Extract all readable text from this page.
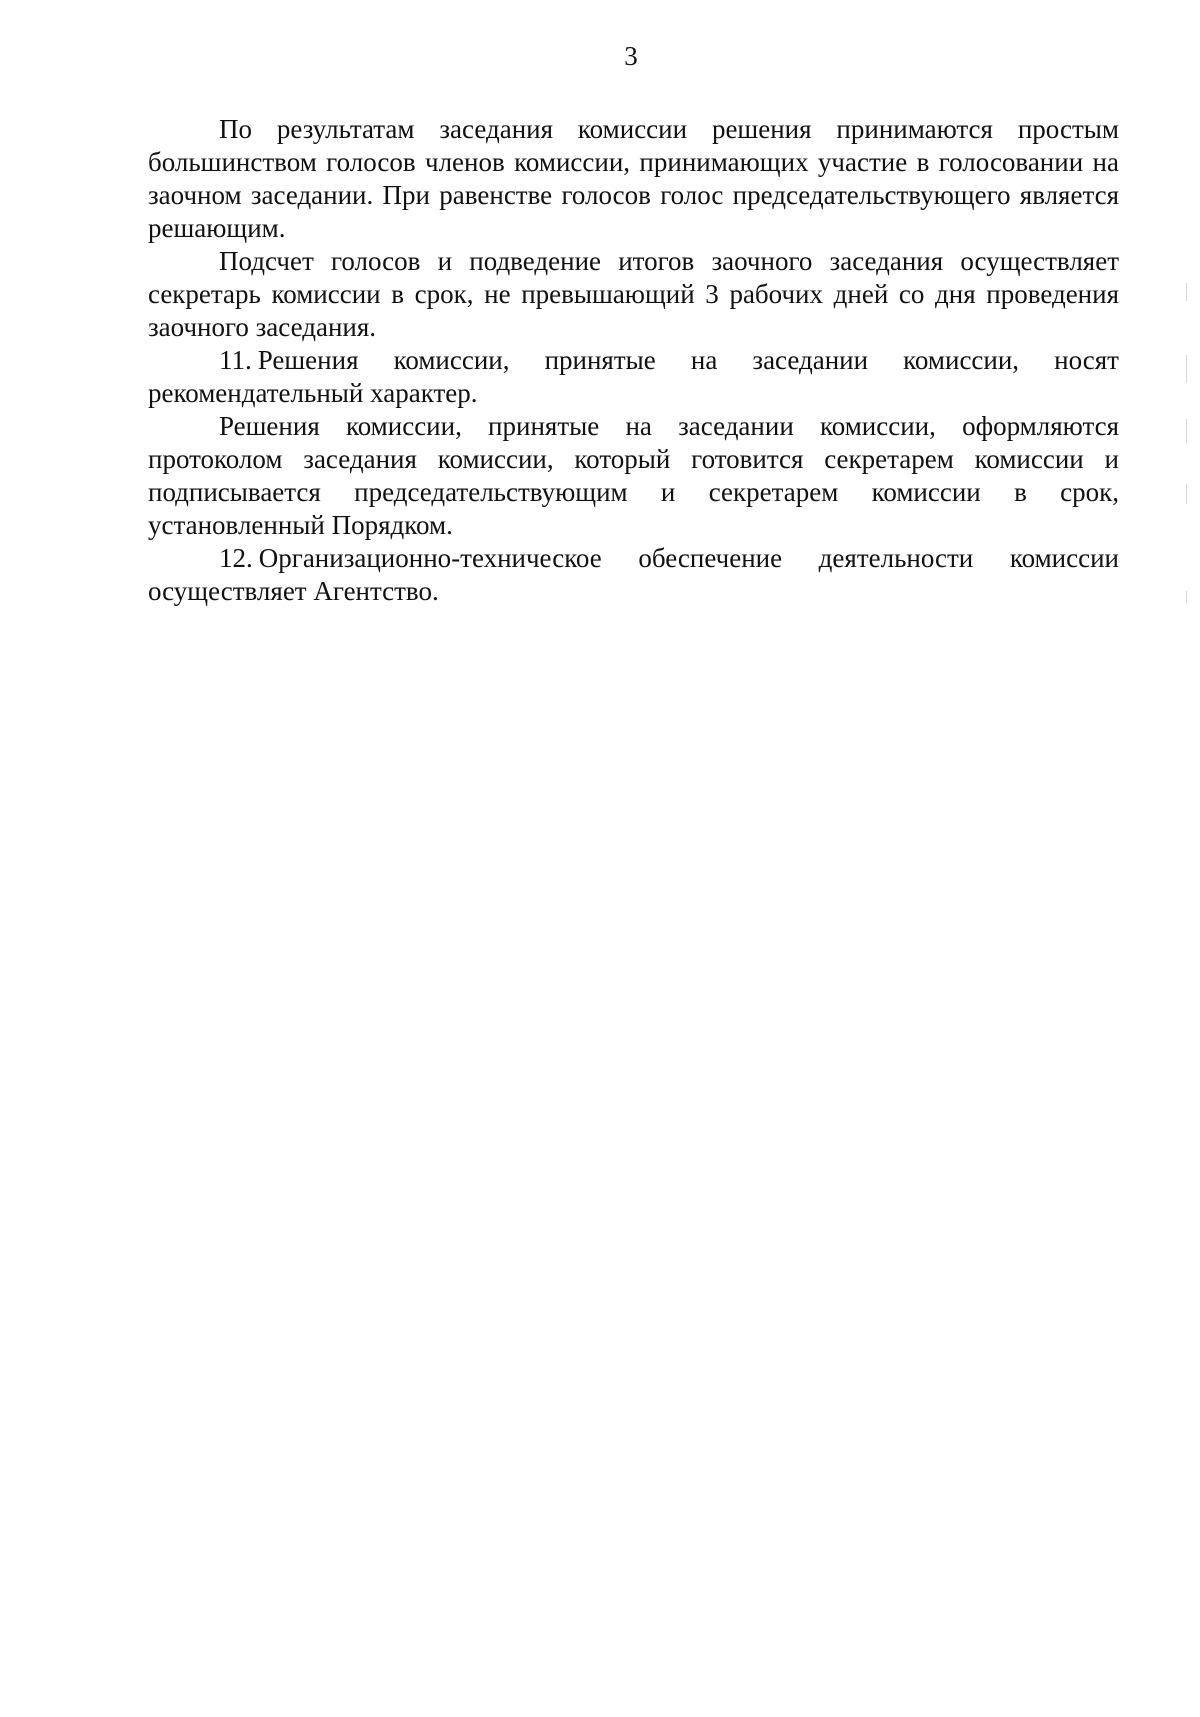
3

По результатам заседания комиссии решения принимаются простым большинством голосов членов комиссии, принимающих участие в голосовании на заочном заседании. При равенстве голосов голос председательствующего является решающим.

Подсчет голосов и подведение итогов заочного заседания осуществляет секретарь комиссии в срок, не превышающий 3 рабочих дней со дня проведения заочного заседания.

11. Решения комиссии, принятые на заседании комиссии, носят рекомендательный характер.

Решения комиссии, принятые на заседании комиссии, оформляются протоколом заседания комиссии, который готовится секретарем комиссии и подписывается председательствующим и секретарем комиссии в срок, установленный Порядком.

12. Организационно-техническое обеспечение деятельности комиссии осуществляет Агентство.
